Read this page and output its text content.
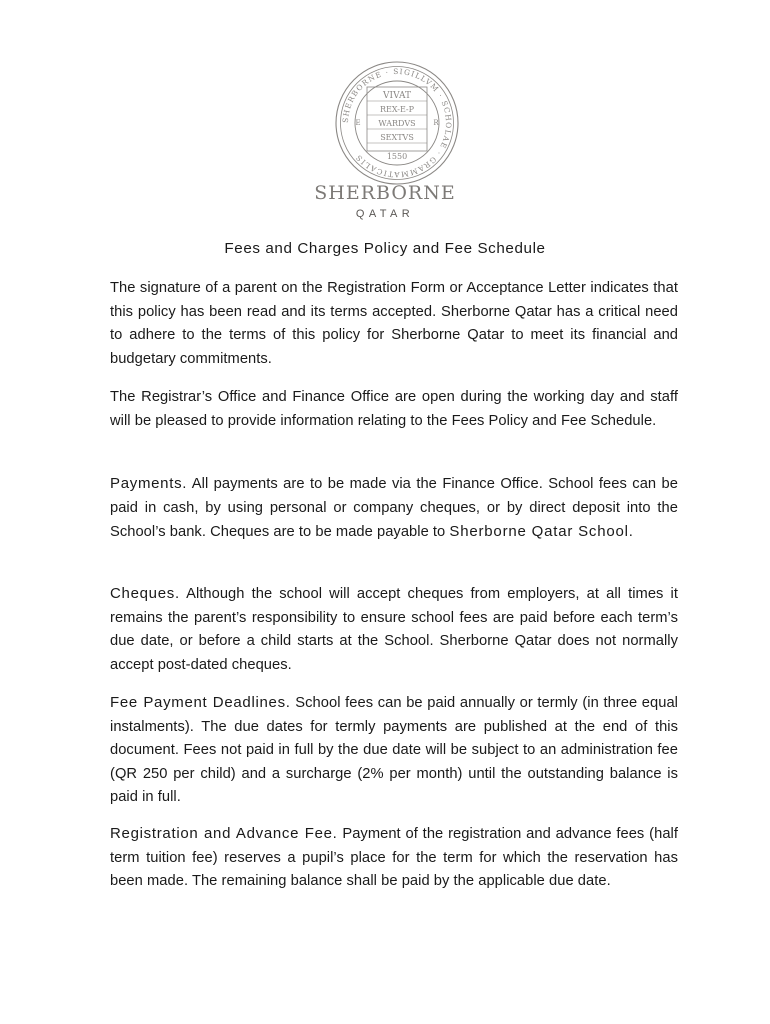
SHERBORNE · SIGILLVM · SCHOLAE · GRAMMATICALIS
VIVAT
REX-E-P
WARDVS
SEXTVS
1550
E	R
SHERBORNE
QATAR
Fees and Charges Policy and Fee Schedule

The signature of a parent on the Registration Form or Acceptance Letter indicates that this policy has been read and its terms accepted. Sherborne Qatar has a critical need to adhere to the terms of this policy for Sherborne Qatar to meet its financial and budgetary commitments.

The Registrar’s Office and Finance Office are open during the working day and staff will be pleased to provide information relating to the Fees Policy and Fee Schedule.

Payments. All payments are to be made via the Finance Office. School fees can be paid in cash, by using personal or company cheques, or by direct deposit into the School’s bank. Cheques are to be made payable to Sherborne Qatar School.

Cheques. Although the school will accept cheques from employers, at all times it remains the parent’s responsibility to ensure school fees are paid before each term’s due date, or before a child starts at the School. Sherborne Qatar does not normally accept post-dated cheques.

Fee Payment Deadlines. School fees can be paid annually or termly (in three equal instalments). The due dates for termly payments are published at the end of this document. Fees not paid in full by the due date will be subject to an administration fee (QR 250 per child) and a surcharge (2% per month) until the outstanding balance is paid in full.

Registration and Advance Fee. Payment of the registration and advance fees (half term tuition fee) reserves a pupil’s place for the term for which the reservation has been made. The remaining balance shall be paid by the applicable due date.
